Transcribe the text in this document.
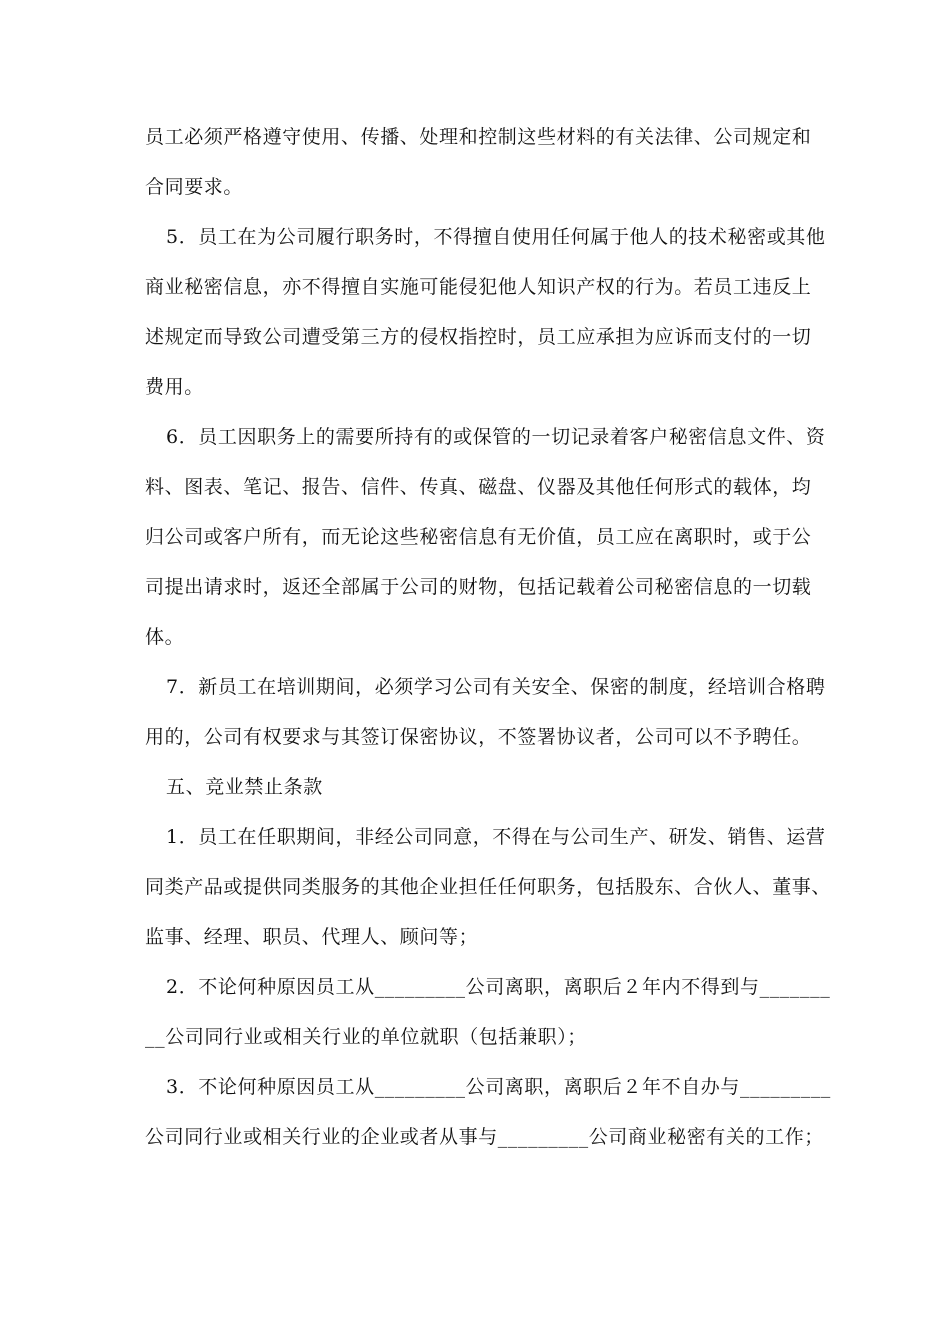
员工必须严格遵守使用、传播、处理和控制这些材料的有关法律、公司规定和
合同要求。
5．员工在为公司履行职务时，不得擅自使用任何属于他人的技术秘密或其他
商业秘密信息，亦不得擅自实施可能侵犯他人知识产权的行为。若员工违反上
述规定而导致公司遭受第三方的侵权指控时，员工应承担为应诉而支付的一切
费用。
6．员工因职务上的需要所持有的或保管的一切记录着客户秘密信息文件、资
料、图表、笔记、报告、信件、传真、磁盘、仪器及其他任何形式的载体，均
归公司或客户所有，而无论这些秘密信息有无价值，员工应在离职时，或于公
司提出请求时，返还全部属于公司的财物，包括记载着公司秘密信息的一切载
体。
7．新员工在培训期间，必须学习公司有关安全、保密的制度，经培训合格聘
用的，公司有权要求与其签订保密协议，不签署协议者，公司可以不予聘任。
五、竞业禁止条款
1．员工在任职期间，非经公司同意，不得在与公司生产、研发、销售、运营
同类产品或提供同类服务的其他企业担任任何职务，包括股东、合伙人、董事、
监事、经理、职员、代理人、顾问等；
2．不论何种原因员工从_________公司离职，离职后２年内不得到与_______
__公司同行业或相关行业的单位就职（包括兼职）；
3．不论何种原因员工从_________公司离职，离职后２年不自办与_________
公司同行业或相关行业的企业或者从事与_________公司商业秘密有关的工作；
